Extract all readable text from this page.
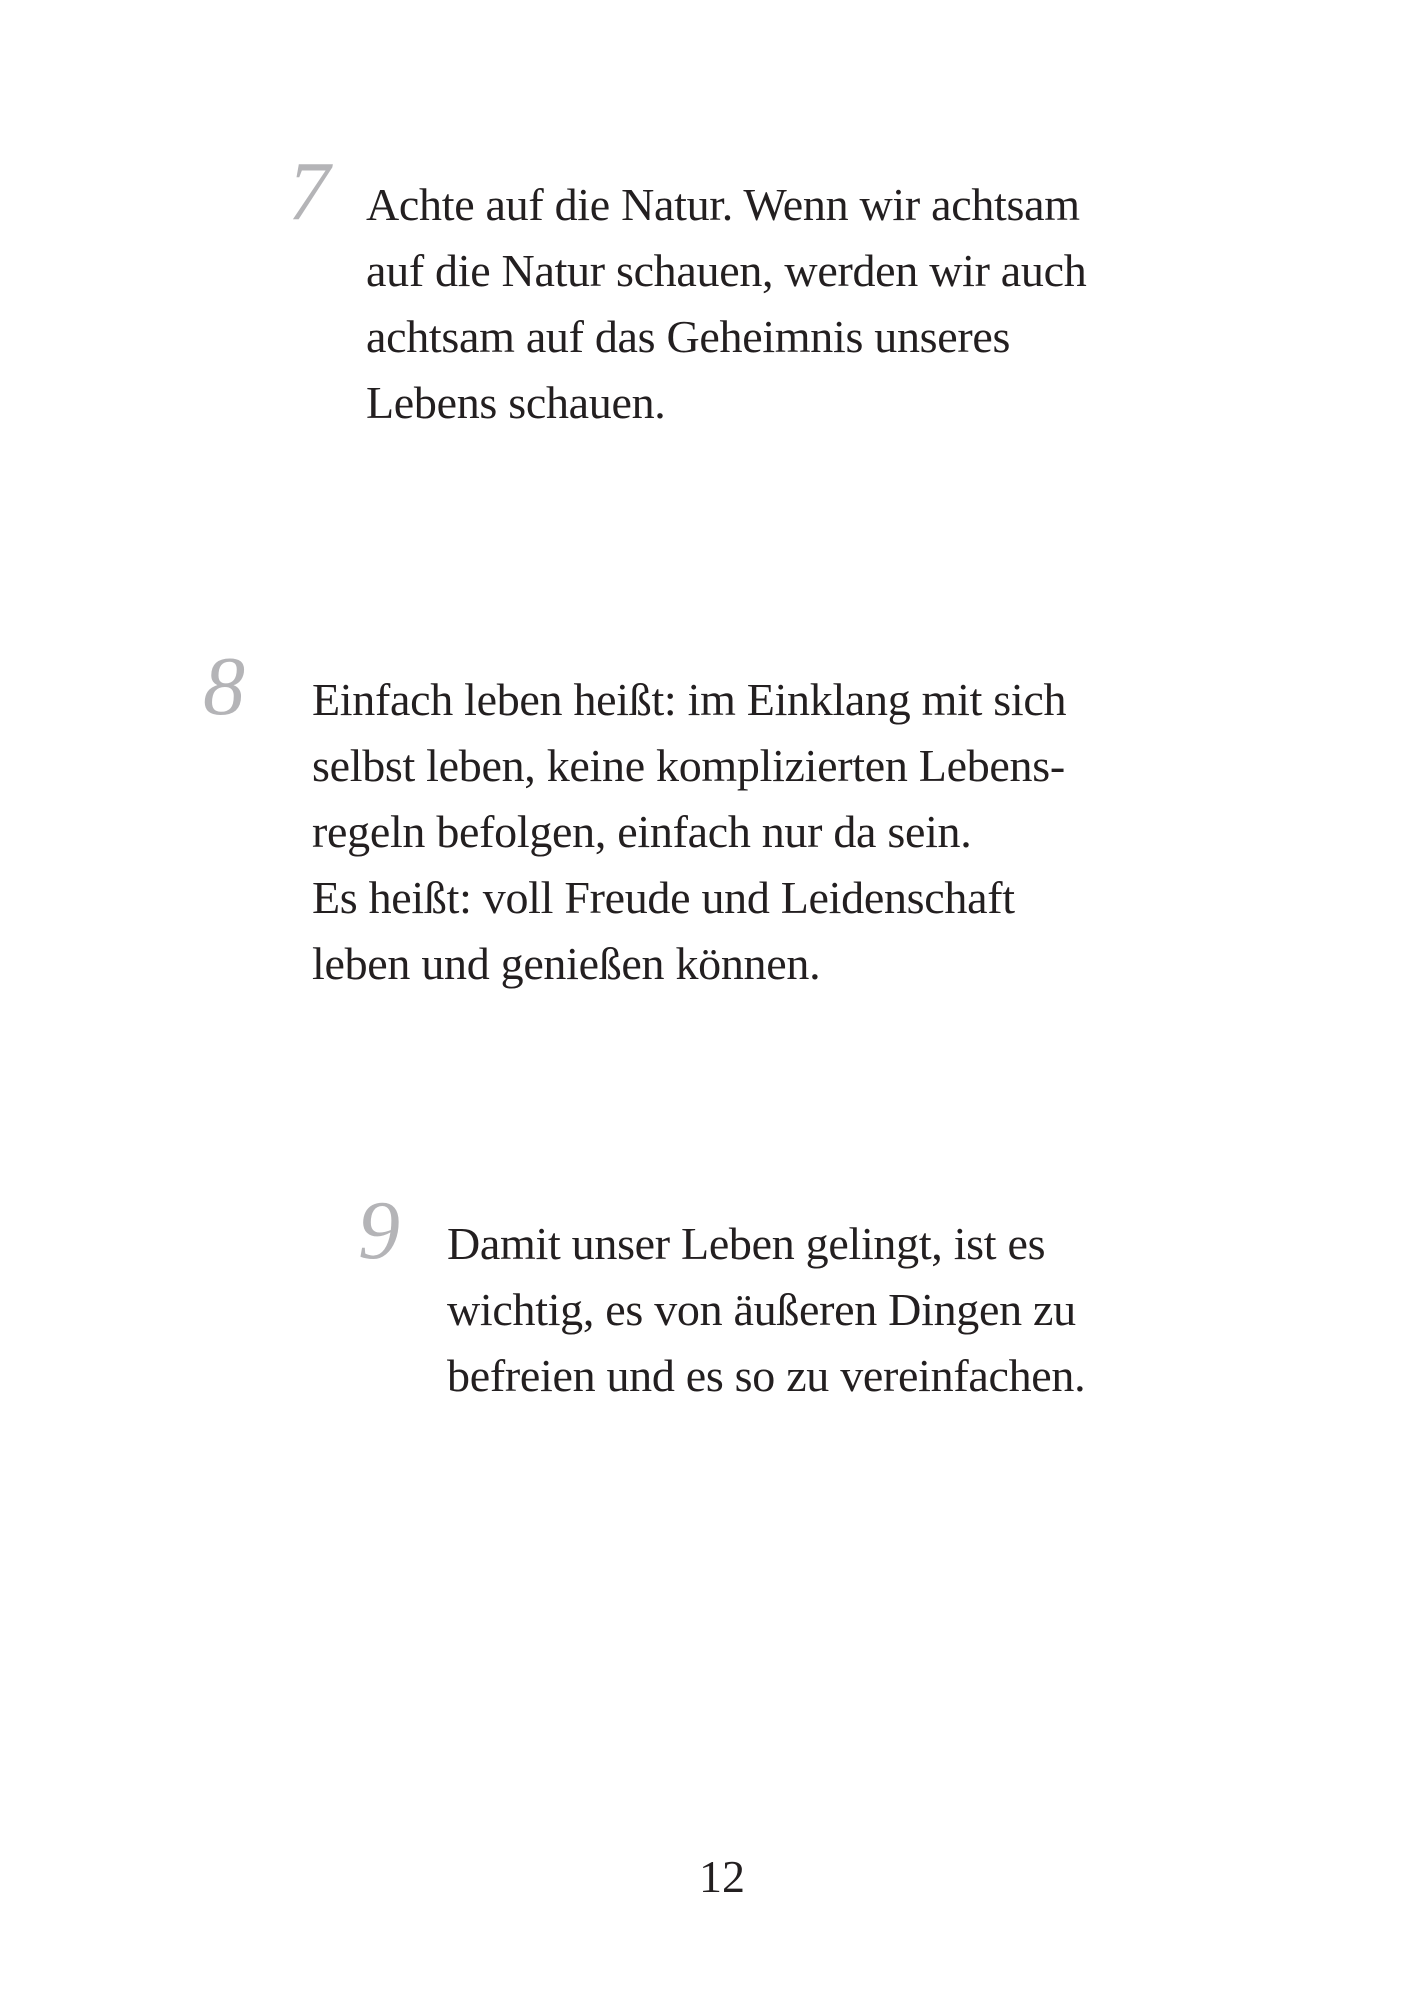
7 Achte auf die Natur. Wenn wir achtsam
auf die Natur schauen, werden wir auch
achtsam auf das Geheimnis unseres
Lebens schauen.
8 Einfach leben heißt: im Einklang mit sich
selbst leben, keine komplizierten Lebens-
regeln befolgen, einfach nur da sein.
Es heißt: voll Freude und Leidenschaft
leben und genießen können.
9 Damit unser Leben gelingt, ist es
wichtig, es von äußeren Dingen zu
befreien und es so zu vereinfachen.
12
